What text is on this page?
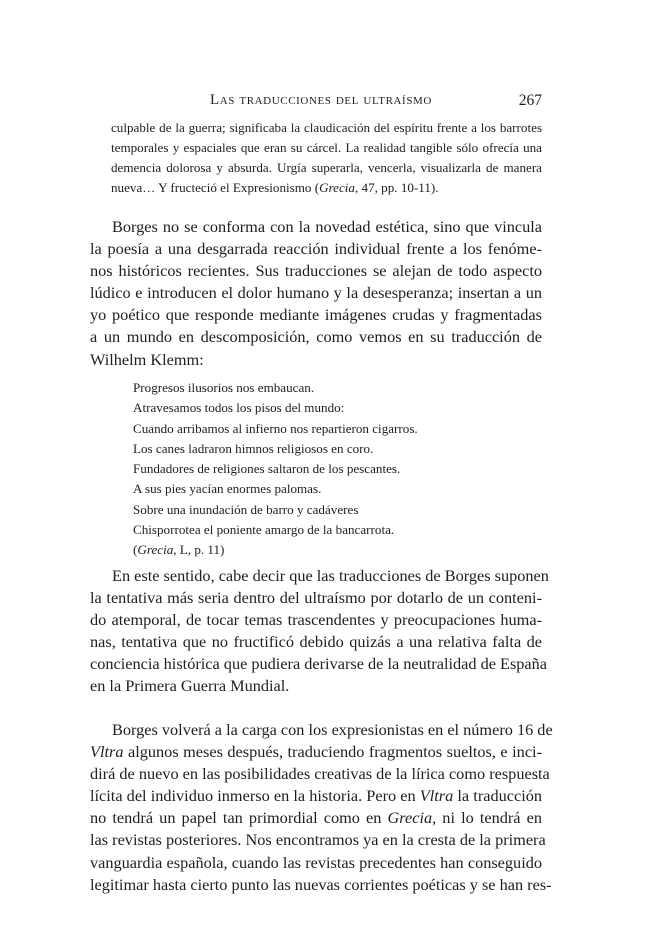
Las traducciones del ultraísmo	267
culpable de la guerra; significaba la claudicación del espíritu frente a los barrotes
temporales y espaciales que eran su cárcel. La realidad tangible sólo ofrecía una
demencia dolorosa y absurda. Urgía superarla, vencerla, visualizarla de manera
nueva… Y fructeció el Expresionismo (Grecia, 47, pp. 10-11).
Borges no se conforma con la novedad estética, sino que vincula
la poesía a una desgarrada reacción individual frente a los fenóme-
nos históricos recientes. Sus traducciones se alejan de todo aspecto
lúdico e introducen el dolor humano y la desesperanza; insertan a un
yo poético que responde mediante imágenes crudas y fragmentadas
a un mundo en descomposición, como vemos en su traducción de
Wilhelm Klemm:
Progresos ilusorios nos embaucan.
Atravesamos todos los pisos del mundo:
Cuando arribamos al infierno nos repartieron cigarros.
Los canes ladraron himnos religiosos en coro.
Fundadores de religiones saltaron de los pescantes.
A sus pies yacían enormes palomas.
Sobre una inundación de barro y cadáveres
Chisporrotea el poniente amargo de la bancarrota.
(Grecia, L, p. 11)
En este sentido, cabe decir que las traducciones de Borges suponen
la tentativa más seria dentro del ultraísmo por dotarlo de un conteni-
do atemporal, de tocar temas trascendentes y preocupaciones huma-
nas, tentativa que no fructificó debido quizás a una relativa falta de
conciencia histórica que pudiera derivarse de la neutralidad de España
en la Primera Guerra Mundial.
Borges volverá a la carga con los expresionistas en el número 16 de
Vltra algunos meses después, traduciendo fragmentos sueltos, e inci-
dirá de nuevo en las posibilidades creativas de la lírica como respuesta
lícita del individuo inmerso en la historia. Pero en Vltra la traducción
no tendrá un papel tan primordial como en Grecia, ni lo tendrá en
las revistas posteriores. Nos encontramos ya en la cresta de la primera
vanguardia española, cuando las revistas precedentes han conseguido
legitimar hasta cierto punto las nuevas corrientes poéticas y se han res-
